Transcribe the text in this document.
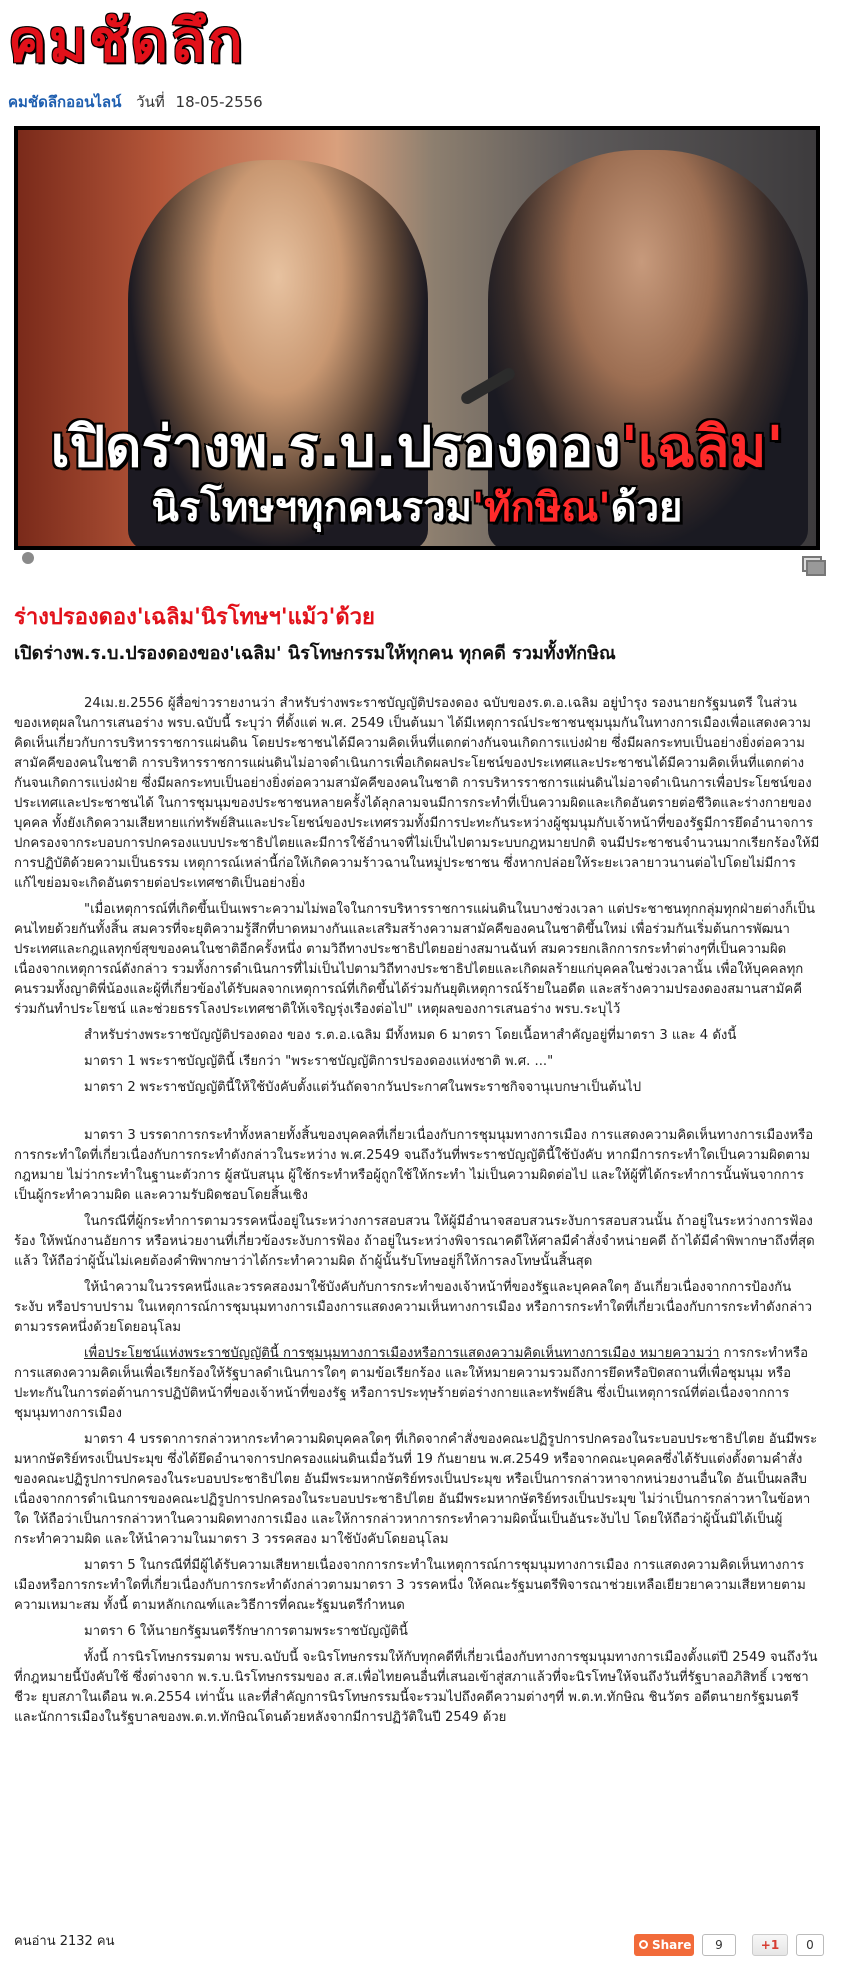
คมชัดลึก
คมชัดลึกออนไลน์ วันที่ 18-05-2556
เปิดร่างพ.ร.บ.ปรองดอง'เฉลิม'
นิรโทษฯทุกคนรวม'ทักษิณ'ด้วย
ร่างปรองดอง'เฉลิม'นิรโทษฯ'แม้ว'ด้วย
เปิดร่างพ.ร.บ.ปรองดองของ'เฉลิม' นิรโทษกรรมให้ทุกคน ทุกคดี รวมทั้งทักษิณ

24เม.ย.2556 ผู้สื่อข่าวรายงานว่า สำหรับร่างพระราชบัญญัติปรองดอง ฉบับของร.ต.อ.เฉลิม อยู่บำรุง รองนายกรัฐมนตรี ในส่วนของเหตุผลในการเสนอร่าง พรบ.ฉบับนี้ ระบุว่า ที่ดั้งแต่ พ.ศ. 2549 เป็นต้นมา ได้มีเหตุการณ์ประชาชนชุมนุมกันในทางการเมืองเพื่อแสดงความคิดเห็นเกี่ยวกับการบริหารราชการแผ่นดิน โดยประชาชนได้มีความคิดเห็นที่แตกต่างกันจนเกิดการแบ่งฝ่าย ซึ่งมีผลกระทบเป็นอย่างยิ่งต่อความสามัคคีของคนในชาติ การบริหารราชการแผ่นดินไม่อาจดำเนินการเพื่อเกิดผลประโยชน์ของประเทศและประชาชนได้มีความคิดเห็นที่แตกต่างกันจนเกิดการแบ่งฝ่าย ซึ่งมีผลกระทบเป็นอย่างยิ่งต่อความสามัคคีของคนในชาติ การบริหารราชการแผ่นดินไม่อาจดำเนินการเพื่อประโยชน์ของประเทศและประชาชนได้ ในการชุมนุมของประชาชนหลายครั้งได้ลุกลามจนมีการกระทำที่เป็นความผิดและเกิดอันตรายต่อชีวิตและร่างกายของบุคคล ทั้งยังเกิดความเสียหายแก่ทรัพย์สินและประโยชน์ของประเทศรวมทั้งมีการปะทะกันระหว่างผู้ชุมนุมกับเจ้าหน้าที่ของรัฐมีการยึดอำนาจการปกครองจากระบอบการปกครองแบบประชาธิปไตยและมีการใช้อำนาจที่ไม่เป็นไปตามระบบกฎหมายปกติ จนมีประชาชนจำนวนมากเรียกร้องให้มีการปฏิบัติด้วยความเป็นธรรม เหตุการณ์เหล่านี้ก่อให้เกิดความร้าวฉานในหมู่ประชาชน ซึ่งหากปล่อยให้ระยะเวลายาวนานต่อไปโดยไม่มีการแก้ไขย่อมจะเกิดอันตรายต่อประเทศชาติเป็นอย่างยิ่ง

"เมื่อเหตุการณ์ที่เกิดขึ้นเป็นเพราะความไม่พอใจในการบริหารราชการแผ่นดินในบางช่วงเวลา แต่ประชาชนทุกกลุ่มทุกฝ่ายต่างก็เป็นคนไทยด้วยกันทั้งสิ้น สมควรที่จะยุติความรู้สึกที่บาดหมางกันและเสริมสร้างความสามัคคีของคนในชาติขึ้นใหม่ เพื่อร่วมกันเริ่มต้นการพัฒนาประเทศและกฎแลทุกข์สุขของคนในชาติอีกครั้งหนึ่ง ตามวิถีทางประชาธิปไตยอย่างสมานฉันท์ สมควรยกเลิกการกระทำต่างๆที่เป็นความผิด เนื่องจากเหตุการณ์ดังกล่าว รวมทั้งการดำเนินการที่ไม่เป็นไปตามวิถีทางประชาธิปไตยและเกิดผลร้ายแก่บุคคลในช่วงเวลานั้น เพื่อให้บุคคลทุกคนรวมทั้งญาติพี่น้องและผู้ที่เกี่ยวข้องได้รับผลจากเหตุการณ์ที่เกิดขึ้นได้ร่วมกันยุติเหตุการณ์ร้ายในอดีต และสร้างความปรองดองสมานสามัคคีร่วมกันทำประโยชน์ และช่วยธรรโลงประเทศชาติให้เจริญรุ่งเรืองต่อไป" เหตุผลของการเสนอร่าง พรบ.ระบุไว้

สำหรับร่างพระราชบัญญัติปรองดอง ของ ร.ต.อ.เฉลิม มีทั้งหมด 6 มาตรา โดยเนื้อหาสำคัญอยู่ที่มาตรา 3 และ 4 ดังนี้

มาตรา 1 พระราชบัญญัตินี้ เรียกว่า "พระราชบัญญัติการปรองดองแห่งชาติ พ.ศ. ..."

มาตรา 2 พระราชบัญญัตินี้ให้ใช้บังคับตั้งแต่วันถัดจากวันประกาศในพระราชกิจจานุเบกษาเป็นต้นไป

มาตรา 3 บรรดาการกระทำทั้งหลายทั้งสิ้นของบุคคลที่เกี่ยวเนื่องกับการชุมนุมทางการเมือง การแสดงความคิดเห็นทางการเมืองหรือการกระทำใดที่เกี่ยวเนื่องกับการกระทำดังกล่าวในระหว่าง พ.ศ.2549 จนถึงวันที่พระราชบัญญัตินี้ใช้บังคับ หากมีการกระทำใดเป็นความผิดตามกฎหมาย ไม่ว่ากระทำในฐานะตัวการ ผู้สนับสนุน ผู้ใช้กระทำหรือผู้ถูกใช้ให้กระทำ ไม่เป็นความผิดต่อไป และให้ผู้ที่ได้กระทำการนั้นพ้นจากการเป็นผู้กระทำความผิด และความรับผิดชอบโดยสิ้นเชิง

ในกรณีที่ผู้กระทำการตามวรรคหนึ่งอยู่ในระหว่างการสอบสวน ให้ผู้มีอำนาจสอบสวนระงับการสอบสวนนั้น ถ้าอยู่ในระหว่างการฟ้องร้อง ให้พนักงานอัยการ หรือหน่วยงานที่เกี่ยวข้องระงับการฟ้อง ถ้าอยู่ในระหว่างพิจารณาคดีให้ศาลมีคำสั่งจำหน่ายคดี ถ้าได้มีคำพิพากษาถึงที่สุดแล้ว ให้ถือว่าผู้นั้นไม่เคยต้องคำพิพากษาว่าได้กระทำความผิด ถ้าผู้นั้นรับโทษอยู่ก็ให้การลงโทษนั้นสิ้นสุด

ให้นำความในวรรคหนึ่งและวรรคสองมาใช้บังคับกับการกระทำของเจ้าหน้าที่ของรัฐและบุคคลใดๆ อันเกี่ยวเนื่องจากการป้องกันระงับ หรือปราบปราม ในเหตุการณ์การชุมนุมทางการเมืองการแสดงความเห็นทางการเมือง หรือการกระทำใดที่เกี่ยวเนื่องกับการกระทำดังกล่าวตามวรรคหนึ่งด้วยโดยอนุโลม

เพื่อประโยชน์แห่งพระราชบัญญัตินี้ การชุมนุมทางการเมืองหรือการแสดงความคิดเห็นทางการเมือง หมายความว่า การกระทำหรือการแสดงความคิดเห็นเพื่อเรียกร้องให้รัฐบาลดำเนินการใดๆ ตามข้อเรียกร้อง และให้หมายความรวมถึงการยึดหรือปิดสถานที่เพื่อชุมนุม หรือปะทะกันในการต่อต้านการปฏิบัติหน้าที่ของเจ้าหน้าที่ของรัฐ หรือการประทุษร้ายต่อร่างกายและทรัพย์สิน ซึ่งเป็นเหตุการณ์ที่ต่อเนื่องจากการชุมนุมทางการเมือง

มาตรา 4 บรรดาการกล่าวหากระทำความผิดบุคคลใดๆ ที่เกิดจากคำสั่งของคณะปฏิรูปการปกครองในระบอบประชาธิปไตย อันมีพระมหากษัตริย์ทรงเป็นประมุข ซึ่งได้ยึดอำนาจการปกครองแผ่นดินเมื่อวันที่ 19 กันยายน พ.ศ.2549 หรือจากคณะบุคคลซึ่งได้รับแต่งตั้งตามคำสั่งของคณะปฏิรูปการปกครองในระบอบประชาธิปไตย อันมีพระมหากษัตริย์ทรงเป็นประมุข หรือเป็นการกล่าวหาจากหน่วยงานอื่นใด อันเป็นผลสืบเนื่องจากการดำเนินการของคณะปฏิรูปการปกครองในระบอบประชาธิปไตย อันมีพระมหากษัตริย์ทรงเป็นประมุข ไม่ว่าเป็นการกล่าวหาในข้อหาใด ให้ถือว่าเป็นการกล่าวหาในความผิดทางการเมือง และให้การกล่าวหาการกระทำความผิดนั้นเป็นอันระงับไป โดยให้ถือว่าผู้นั้นมิได้เป็นผู้กระทำความผิด และให้นำความในมาตรา 3 วรรคสอง มาใช้บังคับโดยอนุโลม

มาตรา 5 ในกรณีที่มีผู้ได้รับความเสียหายเนื่องจากการกระทำในเหตุการณ์การชุมนุมทางการเมือง การแสดงความคิดเห็นทางการเมืองหรือการกระทำใดที่เกี่ยวเนื่องกับการกระทำดังกล่าวตามมาตรา 3 วรรคหนึ่ง ให้คณะรัฐมนตรีพิจารณาช่วยเหลือเยียวยาความเสียหายตามความเหมาะสม ทั้งนี้ ตามหลักเกณฑ์และวิธีการที่คณะรัฐมนตรีกำหนด

มาตรา 6 ให้นายกรัฐมนตรีรักษาการตามพระราชบัญญัตินี้

ทั้งนี้ การนิรโทษกรรมตาม พรบ.ฉบับนี้ จะนิรโทษกรรมให้กับทุกคดีที่เกี่ยวเนื่องกับทางการชุมนุมทางการเมืองตั้งแต่ปี 2549 จนถึงวันที่กฎหมายนี้บังคับใช้ ซึ่งต่างจาก พ.ร.บ.นิรโทษกรรมของ ส.ส.เพื่อไทยคนอื่นที่เสนอเข้าสู่สภาแล้วที่จะนิรโทษให้จนถึงวันที่รัฐบาลอภิสิทธิ์ เวชชาชีวะ ยุบสภาในเดือน พ.ค.2554 เท่านั้น และที่สำคัญการนิรโทษกรรมนี้จะรวมไปถึงคดีความต่างๆที่ พ.ต.ท.ทักษิณ ชินวัตร อดีตนายกรัฐมนตรีและนักการเมืองในรัฐบาลของพ.ต.ท.ทักษิณโดนด้วยหลังจากมีการปฏิวัติในปี 2549 ด้วย

คนอ่าน 2132 คน	Share	9	+1	0
